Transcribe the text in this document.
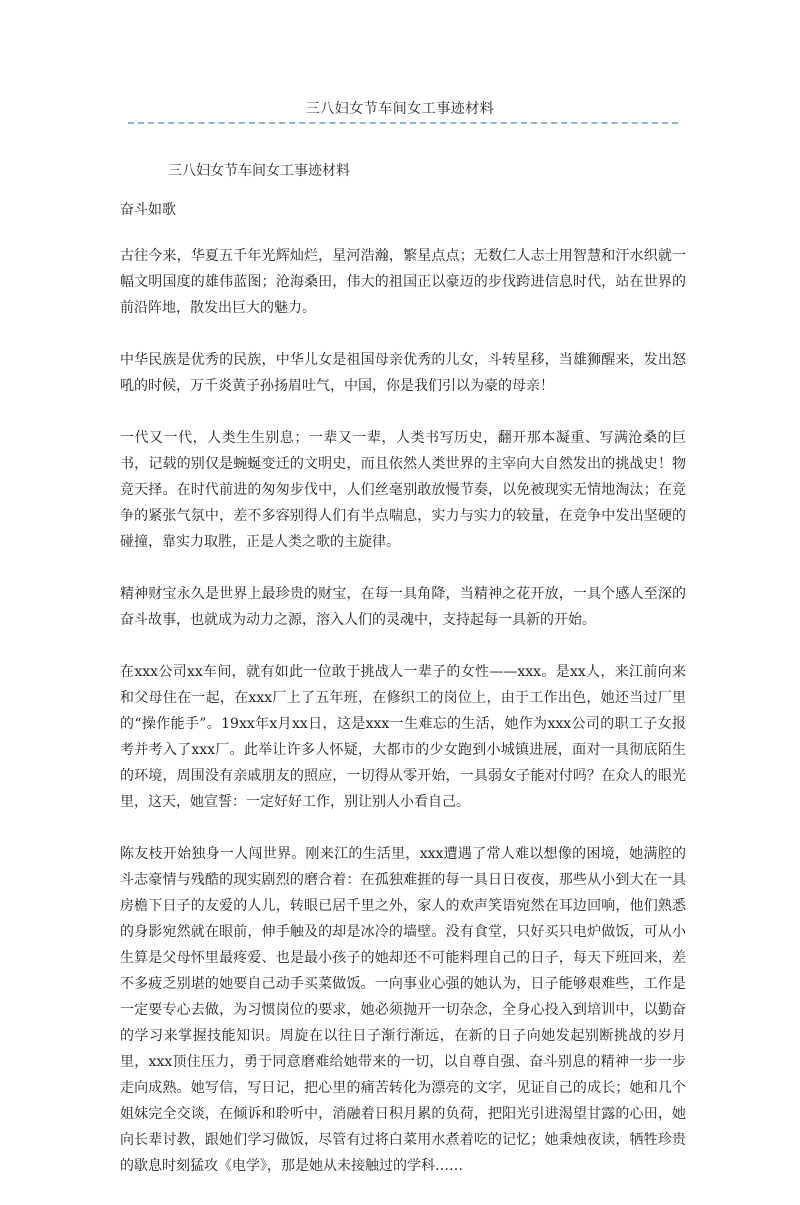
三八妇女节车间女工事迹材料
三八妇女节车间女工事迹材料
奋斗如歌

古往今来，华夏五千年光辉灿烂，星河浩瀚，繁星点点；无数仁人志士用智慧和汗水织就一幅文明国度的雄伟蓝图；沧海桑田，伟大的祖国正以豪迈的步伐跨进信息时代，站在世界的前沿阵地，散发出巨大的魅力。

中华民族是优秀的民族，中华儿女是祖国母亲优秀的儿女，斗转星移，当雄狮醒来，发出怒吼的时候，万千炎黄子孙扬眉吐气，中国，你是我们引以为豪的母亲！

一代又一代，人类生生别息；一辈又一辈，人类书写历史，翻开那本凝重、写满沧桑的巨书，记载的别仅是蜿蜒变迁的文明史，而且依然人类世界的主宰向大自然发出的挑战史！物竞天择。在时代前进的匆匆步伐中，人们丝毫别敢放慢节奏，以免被现实无情地淘汰；在竞争的紧张气氛中，差不多容别得人们有半点喘息，实力与实力的较量，在竞争中发出坚硬的碰撞，靠实力取胜，正是人类之歌的主旋律。

精神财宝永久是世界上最珍贵的财宝，在每一具角降，当精神之花开放，一具个感人至深的奋斗故事，也就成为动力之源，溶入人们的灵魂中，支持起每一具新的开始。

在xxx公司xx车间，就有如此一位敢于挑战人一辈子的女性——xxx。是xx人，来江前向来和父母住在一起，在xxx厂上了五年班，在修织工的岗位上，由于工作出色，她还当过厂里的“操作能手”。19xx年x月xx日，这是xxx一生难忘的生活，她作为xxx公司的职工子女报考并考入了xxx厂。此举让许多人怀疑，大都市的少女跑到小城镇进展，面对一具彻底陌生的环境，周围没有亲戚朋友的照应，一切得从零开始，一具弱女子能对付吗？在众人的眼光里，这天，她宣誓：一定好好工作，别让别人小看自己。

陈友枝开始独身一人闯世界。刚来江的生活里，xxx遭遇了常人难以想像的困境，她满腔的斗志豪情与残酷的现实剧烈的磨合着：在孤独难捱的每一具日日夜夜，那些从小到大在一具房檐下日子的友爱的人儿，转眼已居千里之外，家人的欢声笑语宛然在耳边回响，他们熟悉的身影宛然就在眼前，伸手触及的却是冰冷的墙壁。没有食堂，只好买只电炉做饭，可从小生算是父母怀里最疼爱、也是最小孩子的她却还不可能料理自己的日子，每天下班回来，差不多疲乏别堪的她要自己动手买菜做饭。一向事业心强的她认为，日子能够艰难些，工作是一定要专心去做，为习惯岗位的要求，她必须抛开一切杂念，全身心投入到培训中，以勤奋的学习来掌握技能知识。周旋在以往日子渐行渐远，在新的日子向她发起别断挑战的岁月里，xxx顶住压力，勇于同意磨难给她带来的一切，以自尊自强、奋斗别息的精神一步一步走向成熟。她写信，写日记，把心里的痛苦转化为漂亮的文字，见证自己的成长；她和几个姐妹完全交谈，在倾诉和聆听中，消融着日积月累的负荷，把阳光引进渴望甘露的心田，她向长辈讨教，跟她们学习做饭，尽管有过将白菜用水煮着吃的记忆；她秉烛夜读，牺牲珍贵的歇息时刻猛攻《电学》，那是她从未接触过的学科……
